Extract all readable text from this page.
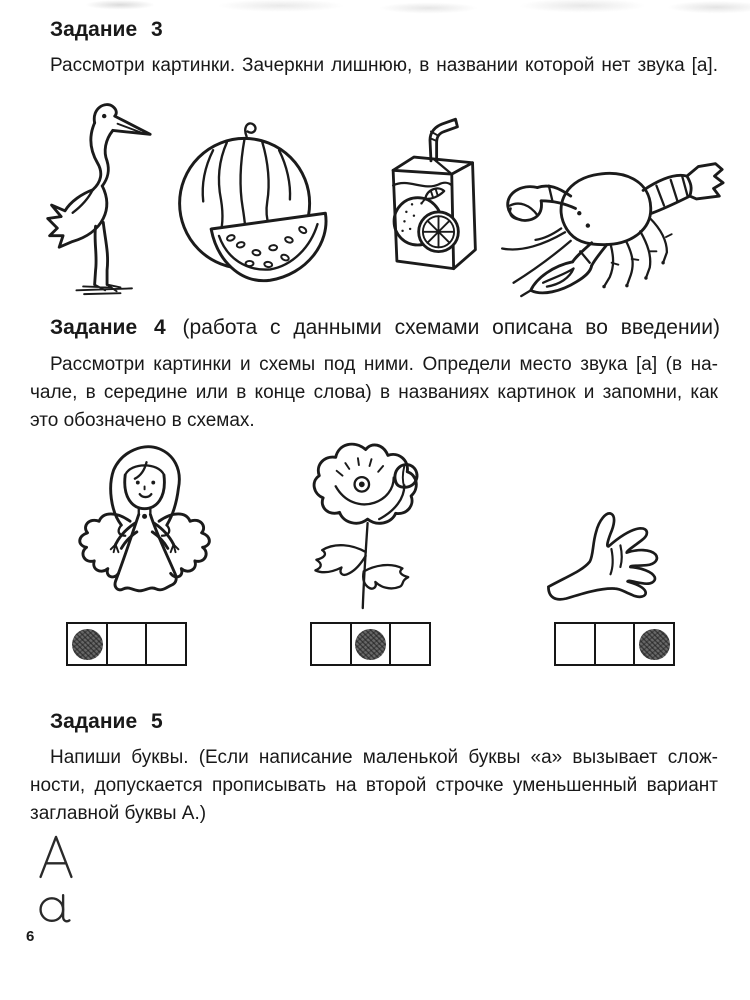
Задание 3
Рассмотри картинки. Зачеркни лишнюю, в названии которой нет звука [а].
Задание 4 (работа с данными схемами описана во введении)
Рассмотри картинки и схемы под ними. Определи место звука [а] (в на-
чале, в середине или в конце слова) в названиях картинок и запомни, как
это обозначено в схемах.
Задание 5
Напиши буквы. (Если написание маленькой буквы «а» вызывает слож-
ности, допускается прописывать на второй строчке уменьшенный вариант
заглавной буквы А.)
6
